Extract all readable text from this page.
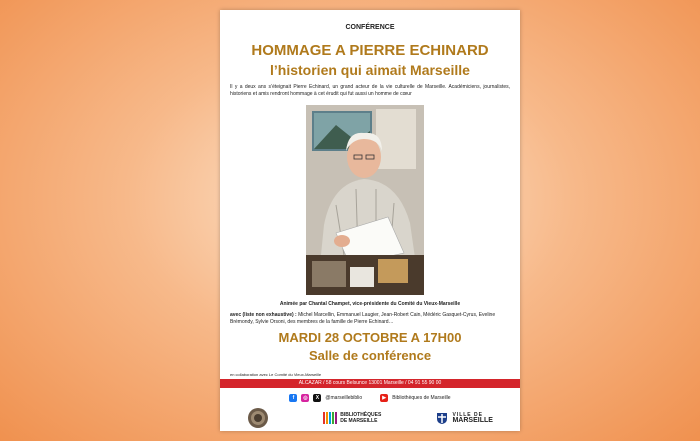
CONFÉRENCE
HOMMAGE A PIERRE ECHINARD
l’historien qui aimait Marseille
Il y a deux ans s’éteignait Pierre Echinard, un grand acteur de la vie culturelle de Marseille. Académiciens, journalistes, historiens et amis rendront hommage à cet érudit qui fut aussi un homme de cœur
Animée par Chantal Champet, vice-présidente du Comité du Vieux-Marseille
avec (liste non exhaustive) : Michel Marcellin, Emmanuel Laugier, Jean-Robert Cain, Médéric Gasquet-Cyrus, Eveline Brémondy, Sylvie Orsoni, des membres de la famille de Pierre Echinard…
MARDI 28 OCTOBRE A 17H00
Salle de conférence
en collaboration avec Le Comité du Vieux-Marseille
ALCAZAR / 58 cours Belsunce 13001 Marseille / 04 91 55 90 00
f	◎	X	@marseillebiblio	▶	Bibliothèques de Marseille
BIBLIOTHÈQUES
DE MARSEILLE
VILLE DE
MARSEILLE
